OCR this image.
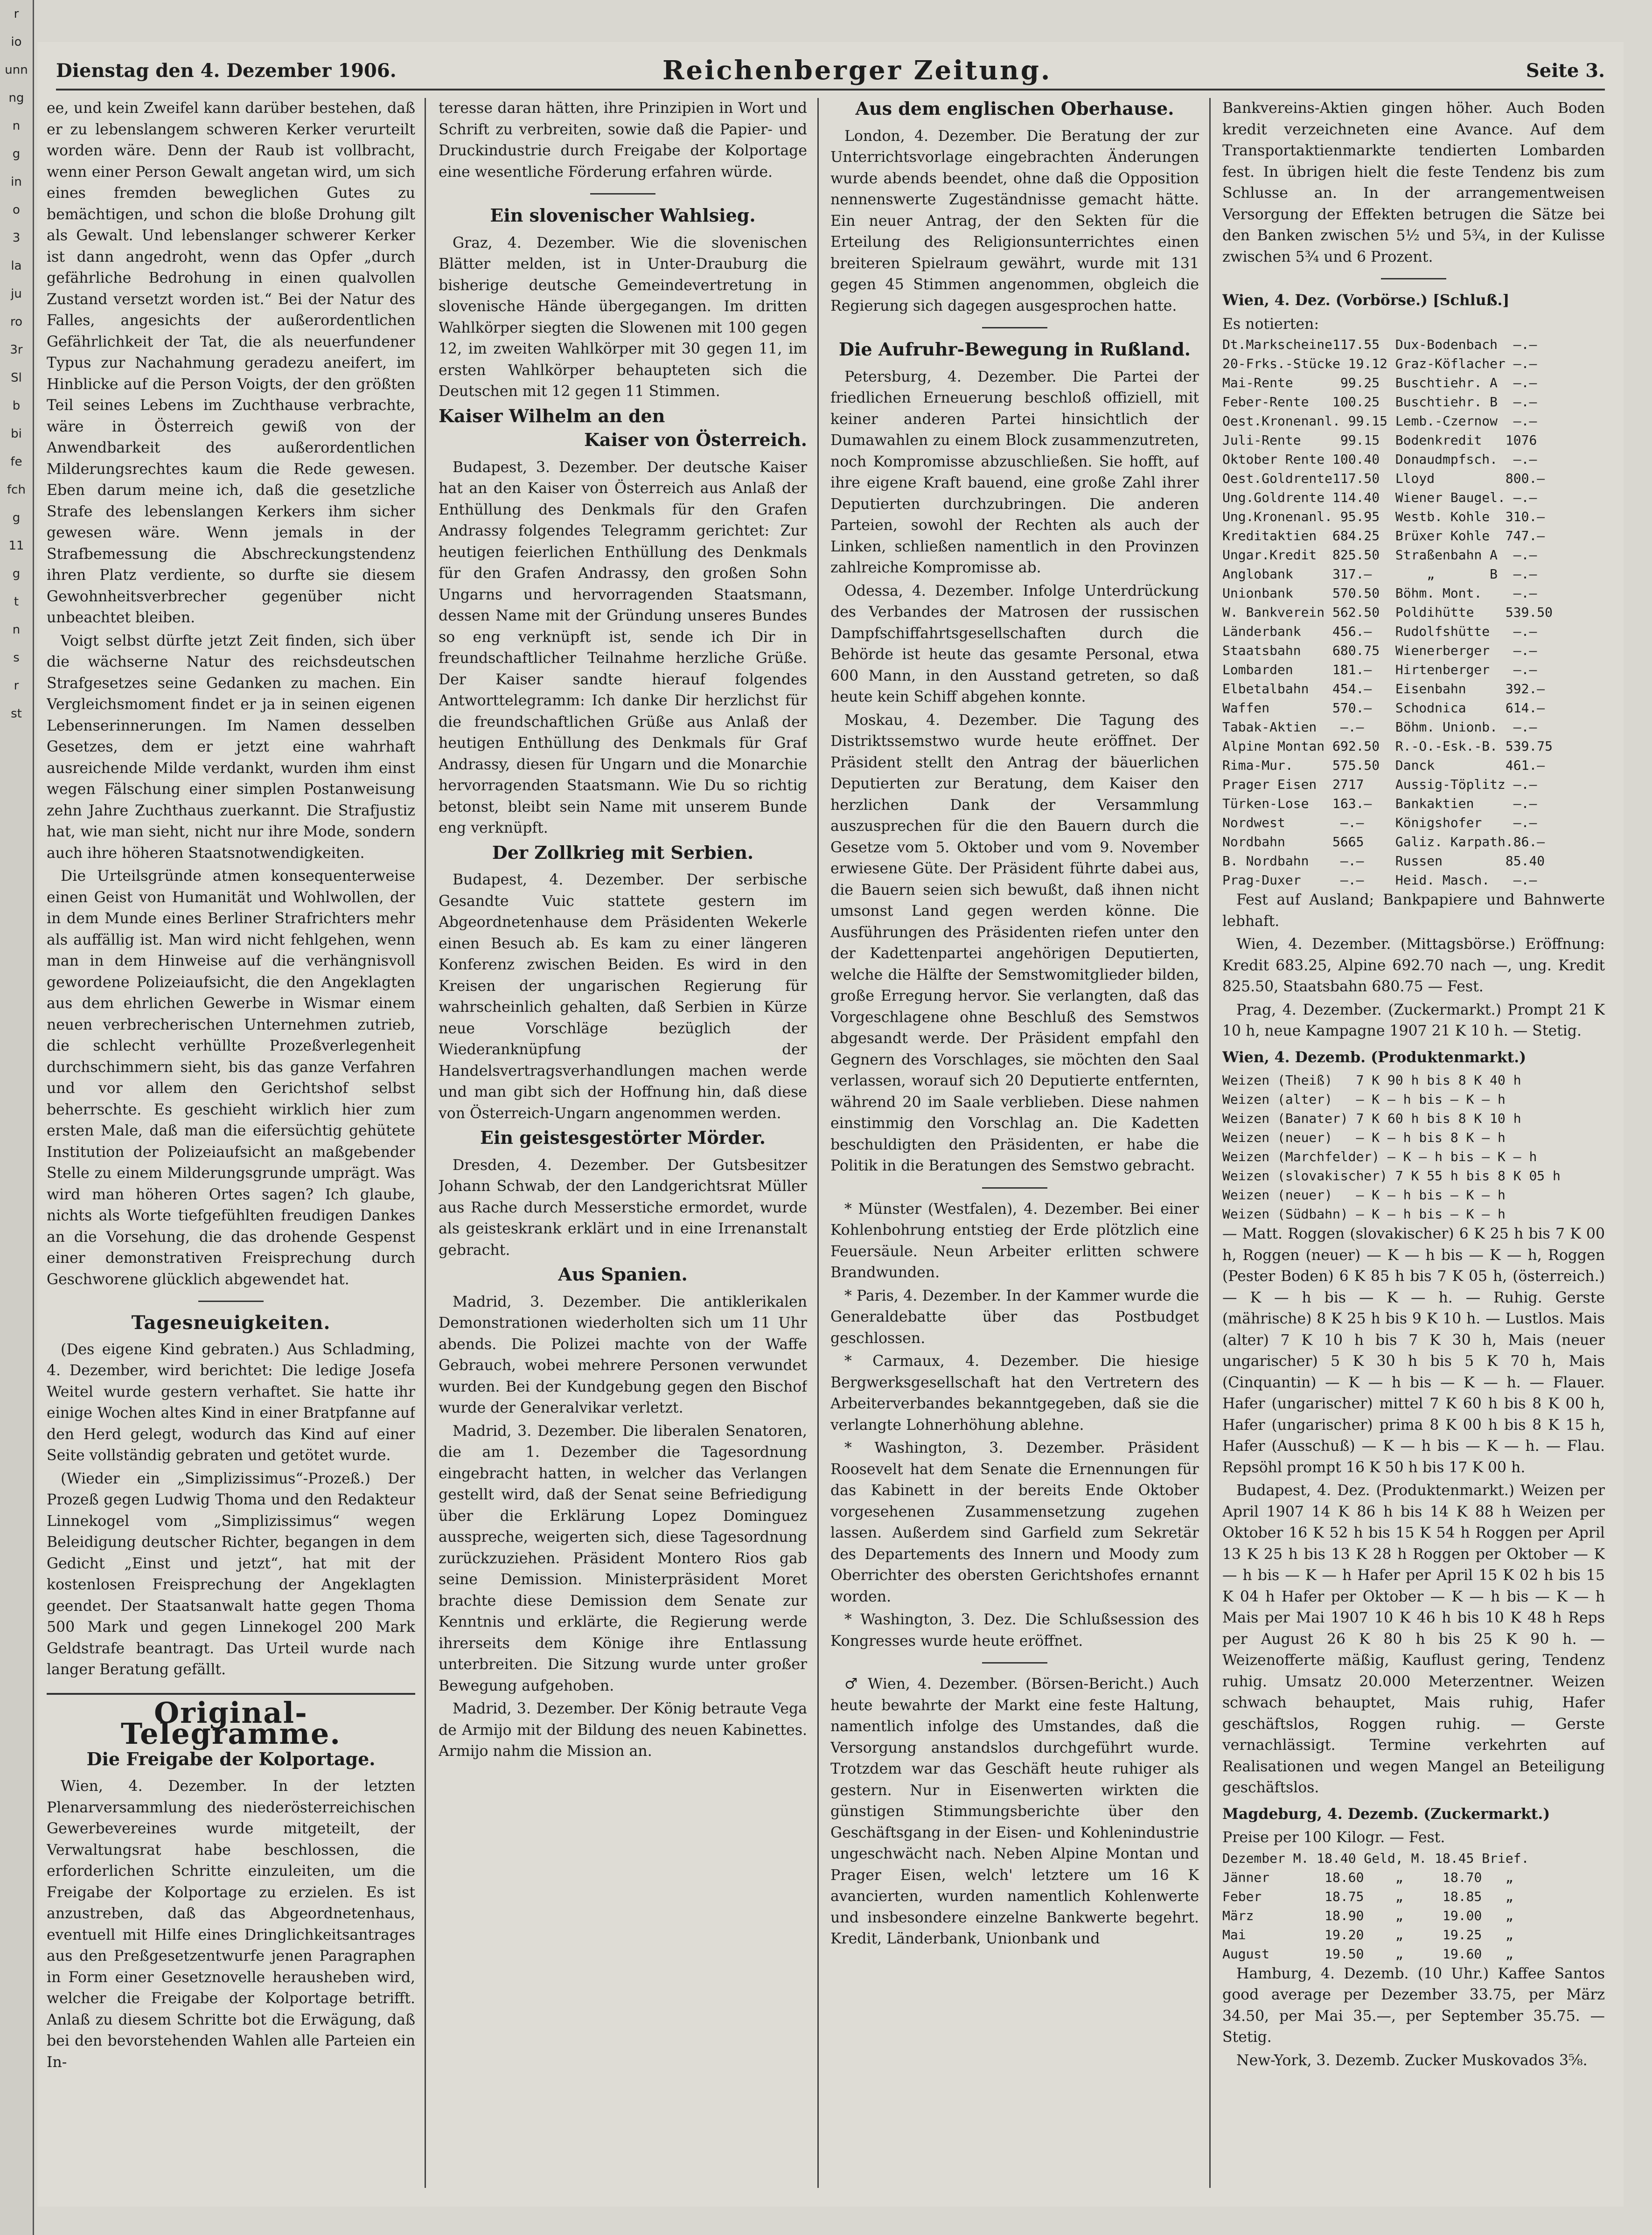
r
io
unn
ng
n
g
in
o
3
la
ju
ro
3r
Sl
b
bi
fe
fch
g
11
g
t
n
s
r
st
Dienstag den 4. Dezember 1906.	Reichenberger Zeitung.	Seite 3.

ee, und kein Zweifel kann darüber bestehen, daß er zu lebenslangem schweren Kerker verurteilt worden wäre. Denn der Raub ist vollbracht, wenn einer Person Gewalt angetan wird, um sich eines fremden beweglichen Gutes zu bemächtigen, und schon die bloße Drohung gilt als Gewalt. Und lebenslanger schwerer Kerker ist dann angedroht, wenn das Opfer „durch gefährliche Bedrohung in einen qualvollen Zustand versetzt worden ist.“ Bei der Natur des Falles, angesichts der außerordentlichen Gefährlichkeit der Tat, die als neuerfundener Typus zur Nachahmung geradezu aneifert, im Hinblicke auf die Person Voigts, der den größten Teil seines Lebens im Zuchthause verbrachte, wäre in Österreich gewiß von der Anwendbarkeit des außerordentlichen Milderungsrechtes kaum die Rede gewesen. Eben darum meine ich, daß die gesetzliche Strafe des lebenslangen Kerkers ihm sicher gewesen wäre. Wenn jemals in der Strafbemessung die Abschreckungstendenz ihren Platz verdiente, so durfte sie diesem Gewohnheitsverbrecher gegenüber nicht unbeachtet bleiben.

Voigt selbst dürfte jetzt Zeit finden, sich über die wächserne Natur des reichsdeutschen Strafgesetzes seine Gedanken zu machen. Ein Vergleichsmoment findet er ja in seinen eigenen Lebenserinnerungen. Im Namen desselben Gesetzes, dem er jetzt eine wahrhaft ausreichende Milde verdankt, wurden ihm einst wegen Fälschung einer simplen Postanweisung zehn Jahre Zuchthaus zuerkannt. Die Strafjustiz hat, wie man sieht, nicht nur ihre Mode, sondern auch ihre höheren Staatsnotwendigkeiten.

Die Urteilsgründe atmen konsequenterweise einen Geist von Humanität und Wohlwollen, der in dem Munde eines Berliner Strafrichters mehr als auffällig ist. Man wird nicht fehlgehen, wenn man in dem Hinweise auf die verhängnisvoll gewordene Polizeiaufsicht, die den Angeklagten aus dem ehrlichen Gewerbe in Wismar einem neuen verbrecherischen Unternehmen zutrieb, die schlecht verhüllte Prozeßverlegenheit durchschimmern sieht, bis das ganze Verfahren und vor allem den Gerichtshof selbst beherrschte. Es geschieht wirklich hier zum ersten Male, daß man die eifersüchtig gehütete Institution der Polizeiaufsicht an maßgebender Stelle zu einem Milderungsgrunde umprägt. Was wird man höheren Ortes sagen? Ich glaube, nichts als Worte tiefgefühlten freudigen Dankes an die Vorsehung, die das drohende Gespenst einer demonstrativen Freisprechung durch Geschworene glücklich abgewendet hat.

Tagesneuigkeiten.

(Des eigene Kind gebraten.) Aus Schladming, 4. Dezember, wird berichtet: Die ledige Josefa Weitel wurde gestern verhaftet. Sie hatte ihr einige Wochen altes Kind in einer Bratpfanne auf den Herd gelegt, wodurch das Kind auf einer Seite vollständig gebraten und getötet wurde.

(Wieder ein „Simplizissimus“-Prozeß.) Der Prozeß gegen Ludwig Thoma und den Redakteur Linnekogel vom „Simplizissimus“ wegen Beleidigung deutscher Richter, begangen in dem Gedicht „Einst und jetzt“, hat mit der kostenlosen Freisprechung der Angeklagten geendet. Der Staatsanwalt hatte gegen Thoma 500 Mark und gegen Linnekogel 200 Mark Geldstrafe beantragt. Das Urteil wurde nach langer Beratung gefällt.

Original-Telegramme.
Die Freigabe der Kolportage.

Wien, 4. Dezember. In der letzten Plenarversammlung des niederösterreichischen Gewerbevereines wurde mitgeteilt, der Verwaltungsrat habe beschlossen, die erforderlichen Schritte einzuleiten, um die Freigabe der Kolportage zu erzielen. Es ist anzustreben, daß das Abgeordnetenhaus, eventuell mit Hilfe eines Dringlichkeitsantrages aus den Preßgesetzentwurfe jenen Paragraphen in Form einer Gesetznovelle herausheben wird, welcher die Freigabe der Kolportage betrifft. Anlaß zu diesem Schritte bot die Erwägung, daß bei den bevorstehenden Wahlen alle Parteien ein In-

teresse daran hätten, ihre Prinzipien in Wort und Schrift zu verbreiten, sowie daß die Papier- und Druckindustrie durch Freigabe der Kolportage eine wesentliche Förderung erfahren würde.

Ein slovenischer Wahlsieg.

Graz, 4. Dezember. Wie die slovenischen Blätter melden, ist in Unter-Drauburg die bisherige deutsche Gemeindevertretung in slovenische Hände übergegangen. Im dritten Wahlkörper siegten die Slowenen mit 100 gegen 12, im zweiten Wahlkörper mit 30 gegen 11, im ersten Wahlkörper behaupteten sich die Deutschen mit 12 gegen 11 Stimmen.

Kaiser Wilhelm an den
Kaiser von Österreich.

Budapest, 3. Dezember. Der deutsche Kaiser hat an den Kaiser von Österreich aus Anlaß der Enthüllung des Denkmals für den Grafen Andrassy folgendes Telegramm gerichtet: Zur heutigen feierlichen Enthüllung des Denkmals für den Grafen Andrassy, den großen Sohn Ungarns und hervorragenden Staatsmann, dessen Name mit der Gründung unseres Bundes so eng verknüpft ist, sende ich Dir in freundschaftlicher Teilnahme herzliche Grüße. Der Kaiser sandte hierauf folgendes Antworttelegramm: Ich danke Dir herzlichst für die freundschaftlichen Grüße aus Anlaß der heutigen Enthüllung des Denkmals für Graf Andrassy, diesen für Ungarn und die Monarchie hervorragenden Staatsmann. Wie Du so richtig betonst, bleibt sein Name mit unserem Bunde eng verknüpft.

Der Zollkrieg mit Serbien.

Budapest, 4. Dezember. Der serbische Gesandte Vuic stattete gestern im Abgeordnetenhause dem Präsidenten Wekerle einen Besuch ab. Es kam zu einer längeren Konferenz zwischen Beiden. Es wird in den Kreisen der ungarischen Regierung für wahrscheinlich gehalten, daß Serbien in Kürze neue Vorschläge bezüglich der Wiederanknüpfung der Handelsvertragsverhandlungen machen werde und man gibt sich der Hoffnung hin, daß diese von Österreich-Ungarn angenommen werden.

Ein geistesgestörter Mörder.

Dresden, 4. Dezember. Der Gutsbesitzer Johann Schwab, der den Landgerichtsrat Müller aus Rache durch Messerstiche ermordet, wurde als geisteskrank erklärt und in eine Irrenanstalt gebracht.

Aus Spanien.

Madrid, 3. Dezember. Die antiklerikalen Demonstrationen wiederholten sich um 11 Uhr abends. Die Polizei machte von der Waffe Gebrauch, wobei mehrere Personen verwundet wurden. Bei der Kundgebung gegen den Bischof wurde der Generalvikar verletzt.

Madrid, 3. Dezember. Die liberalen Senatoren, die am 1. Dezember die Tagesordnung eingebracht hatten, in welcher das Verlangen gestellt wird, daß der Senat seine Befriedigung über die Erklärung Lopez Dominguez ausspreche, weigerten sich, diese Tagesordnung zurückzuziehen. Präsident Montero Rios gab seine Demission. Ministerpräsident Moret brachte diese Demission dem Senate zur Kenntnis und erklärte, die Regierung werde ihrerseits dem Könige ihre Entlassung unterbreiten. Die Sitzung wurde unter großer Bewegung aufgehoben.

Madrid, 3. Dezember. Der König betraute Vega de Armijo mit der Bildung des neuen Kabinettes. Armijo nahm die Mission an.

Aus dem englischen Oberhause.

London, 4. Dezember. Die Beratung der zur Unterrichtsvorlage eingebrachten Änderungen wurde abends beendet, ohne daß die Opposition nennenswerte Zugeständnisse gemacht hätte. Ein neuer Antrag, der den Sekten für die Erteilung des Religionsunterrichtes einen breiteren Spielraum gewährt, wurde mit 131 gegen 45 Stimmen angenommen, obgleich die Regierung sich dagegen ausgesprochen hatte.

Die Aufruhr-Bewegung in Rußland.

Petersburg, 4. Dezember. Die Partei der friedlichen Erneuerung beschloß offiziell, mit keiner anderen Partei hinsichtlich der Dumawahlen zu einem Block zusammenzutreten, noch Kompromisse abzuschließen. Sie hofft, auf ihre eigene Kraft bauend, eine große Zahl ihrer Deputierten durchzubringen. Die anderen Parteien, sowohl der Rechten als auch der Linken, schließen namentlich in den Provinzen zahlreiche Kompromisse ab.

Odessa, 4. Dezember. Infolge Unterdrückung des Verbandes der Matrosen der russischen Dampfschiffahrtsgesellschaften durch die Behörde ist heute das gesamte Personal, etwa 600 Mann, in den Ausstand getreten, so daß heute kein Schiff abgehen konnte.

Moskau, 4. Dezember. Die Tagung des Distriktssemstwo wurde heute eröffnet. Der Präsident stellt den Antrag der bäuerlichen Deputierten zur Beratung, dem Kaiser den herzlichen Dank der Versammlung auszusprechen für die den Bauern durch die Gesetze vom 5. Oktober und vom 9. November erwiesene Güte. Der Präsident führte dabei aus, die Bauern seien sich bewußt, daß ihnen nicht umsonst Land gegen werden könne. Die Ausführungen des Präsidenten riefen unter den der Kadettenpartei angehörigen Deputierten, welche die Hälfte der Semstwomitglieder bilden, große Erregung hervor. Sie verlangten, daß das Vorgeschlagene ohne Beschluß des Semstwos abgesandt werde. Der Präsident empfahl den Gegnern des Vorschlages, sie möchten den Saal verlassen, worauf sich 20 Deputierte entfernten, während 20 im Saale verblieben. Diese nahmen einstimmig den Vorschlag an. Die Kadetten beschuldigten den Präsidenten, er habe die Politik in die Beratungen des Semstwo gebracht.

* Münster (Westfalen), 4. Dezember. Bei einer Kohlenbohrung entstieg der Erde plötzlich eine Feuersäule. Neun Arbeiter erlitten schwere Brandwunden.

* Paris, 4. Dezember. In der Kammer wurde die Generaldebatte über das Postbudget geschlossen.

* Carmaux, 4. Dezember. Die hiesige Bergwerksgesellschaft hat den Vertretern des Arbeiterverbandes bekanntgegeben, daß sie die verlangte Lohnerhöhung ablehne.

* Washington, 3. Dezember. Präsident Roosevelt hat dem Senate die Ernennungen für das Kabinett in der bereits Ende Oktober vorgesehenen Zusammensetzung zugehen lassen. Außerdem sind Garfield zum Sekretär des Departements des Innern und Moody zum Oberrichter des obersten Gerichtshofes ernannt worden.

* Washington, 3. Dez. Die Schlußsession des Kongresses wurde heute eröffnet.

♂ Wien, 4. Dezember. (Börsen-Bericht.) Auch heute bewahrte der Markt eine feste Haltung, namentlich infolge des Umstandes, daß die Versorgung anstandslos durchgeführt wurde. Trotzdem war das Geschäft heute ruhiger als gestern. Nur in Eisenwerten wirkten die günstigen Stimmungsberichte über den Geschäftsgang in der Eisen- und Kohlenindustrie ungeschwächt nach. Neben Alpine Montan und Prager Eisen, welch' letztere um 16 K avancierten, wurden namentlich Kohlenwerte und insbesondere einzelne Bankwerte begehrt. Kredit, Länderbank, Unionbank und

Bankvereins-Aktien gingen höher. Auch Boden kredit verzeichneten eine Avance. Auf dem Transportaktienmarkte tendierten Lombarden fest. In übrigen hielt die feste Tendenz bis zum Schlusse an. In der arrangementweisen Versorgung der Effekten betrugen die Sätze bei den Banken zwischen 5½ und 5¾, in der Kulisse zwischen 5¾ und 6 Prozent.

Wien, 4. Dez. (Vorbörse.) [Schluß.]
Es notierten:
Dt.Markscheine117.55  Dux-Bodenbach  —.—
20-Frks.-Stücke 19.12 Graz-Köflacher —.—
Mai-Rente      99.25  Buschtiehr. A  —.—
Feber-Rente   100.25  Buschtiehr. B  —.—
Oest.Kronenanl. 99.15 Lemb.-Czernow  —.—
Juli-Rente     99.15  Bodenkredit   1076
Oktober Rente 100.40  Donaudmpfsch.  —.—
Oest.Goldrente117.50  Lloyd         800.—
Ung.Goldrente 114.40  Wiener Baugel. —.—
Ung.Kronenanl. 95.95  Westb. Kohle  310.—
Kreditaktien  684.25  Brüxer Kohle  747.—
Ungar.Kredit  825.50  Straßenbahn A  —.—
Anglobank     317.—       „       B  —.—
Unionbank     570.50  Böhm. Mont.    —.—
W. Bankverein 562.50  Poldihütte    539.50
Länderbank    456.—   Rudolfshütte   —.—
Staatsbahn    680.75  Wienerberger   —.—
Lombarden     181.—   Hirtenberger   —.—
Elbetalbahn   454.—   Eisenbahn     392.—
Waffen        570.—   Schodnica     614.—
Tabak-Aktien   —.—    Böhm. Unionb.  —.—
Alpine Montan 692.50  R.-O.-Esk.-B. 539.75
Rima-Mur.     575.50  Danck         461.—
Prager Eisen  2717    Aussig-Töplitz —.—
Türken-Lose   163.—   Bankaktien     —.—
Nordwest       —.—    Königshofer    —.—
Nordbahn      5665    Galiz. Karpath.86.—
B. Nordbahn    —.—    Russen        85.40
Prag-Duxer     —.—    Heid. Masch.   —.—

Fest auf Ausland; Bankpapiere und Bahnwerte lebhaft.

Wien, 4. Dezember. (Mittagsbörse.) Eröffnung: Kredit 683.25, Alpine 692.70 nach —, ung. Kredit 825.50, Staatsbahn 680.75 — Fest.

Prag, 4. Dezember. (Zuckermarkt.) Prompt 21 K 10 h, neue Kampagne 1907 21 K 10 h. — Stetig.

Wien, 4. Dezemb. (Produktenmarkt.)
Weizen (Theiß)   7 K 90 h bis 8 K 40 h
Weizen (alter)   — K — h bis — K — h
Weizen (Banater) 7 K 60 h bis 8 K 10 h
Weizen (neuer)   — K — h bis 8 K — h
Weizen (Marchfelder) — K — h bis — K — h
Weizen (slovakischer) 7 K 55 h bis 8 K 05 h
Weizen (neuer)   — K — h bis — K — h
Weizen (Südbahn) — K — h bis — K — h

— Matt. Roggen (slovakischer) 6 K 25 h bis 7 K 00 h, Roggen (neuer) — K — h bis — K — h, Roggen (Pester Boden) 6 K 85 h bis 7 K 05 h, (österreich.) — K — h bis — K — h. — Ruhig. Gerste (mährische) 8 K 25 h bis 9 K 10 h. — Lustlos. Mais (alter) 7 K 10 h bis 7 K 30 h, Mais (neuer ungarischer) 5 K 30 h bis 5 K 70 h, Mais (Cinquantin) — K — h bis — K — h. — Flauer. Hafer (ungarischer) mittel 7 K 60 h bis 8 K 00 h, Hafer (ungarischer) prima 8 K 00 h bis 8 K 15 h, Hafer (Ausschuß) — K — h bis — K — h. — Flau. Repsöhl prompt 16 K 50 h bis 17 K 00 h.

Budapest, 4. Dez. (Produktenmarkt.) Weizen per April 1907 14 K 86 h bis 14 K 88 h Weizen per Oktober 16 K 52 h bis 15 K 54 h Roggen per April 13 K 25 h bis 13 K 28 h Roggen per Oktober — K — h bis — K — h Hafer per April 15 K 02 h bis 15 K 04 h Hafer per Oktober — K — h bis — K — h Mais per Mai 1907 10 K 46 h bis 10 K 48 h Reps per August 26 K 80 h bis 25 K 90 h. — Weizenofferte mäßig, Kauflust gering, Tendenz ruhig. Umsatz 20.000 Meterzentner. Weizen schwach behauptet, Mais ruhig, Hafer geschäftslos, Roggen ruhig. — Gerste vernachlässigt. Termine verkehrten auf Realisationen und wegen Mangel an Beteiligung geschäftslos.

Magdeburg, 4. Dezemb. (Zuckermarkt.)
Preise per 100 Kilogr. — Fest.
Dezember M. 18.40 Geld, M. 18.45 Brief.
Jänner       18.60    „     18.70   „
Feber        18.75    „     18.85   „
März         18.90    „     19.00   „
Mai          19.20    „     19.25   „
August       19.50    „     19.60   „

Hamburg, 4. Dezemb. (10 Uhr.) Kaffee Santos good average per Dezember 33.75, per März 34.50, per Mai 35.—, per September 35.75. — Stetig.

New-York, 3. Dezemb. Zucker Muskovados 3⅝.
